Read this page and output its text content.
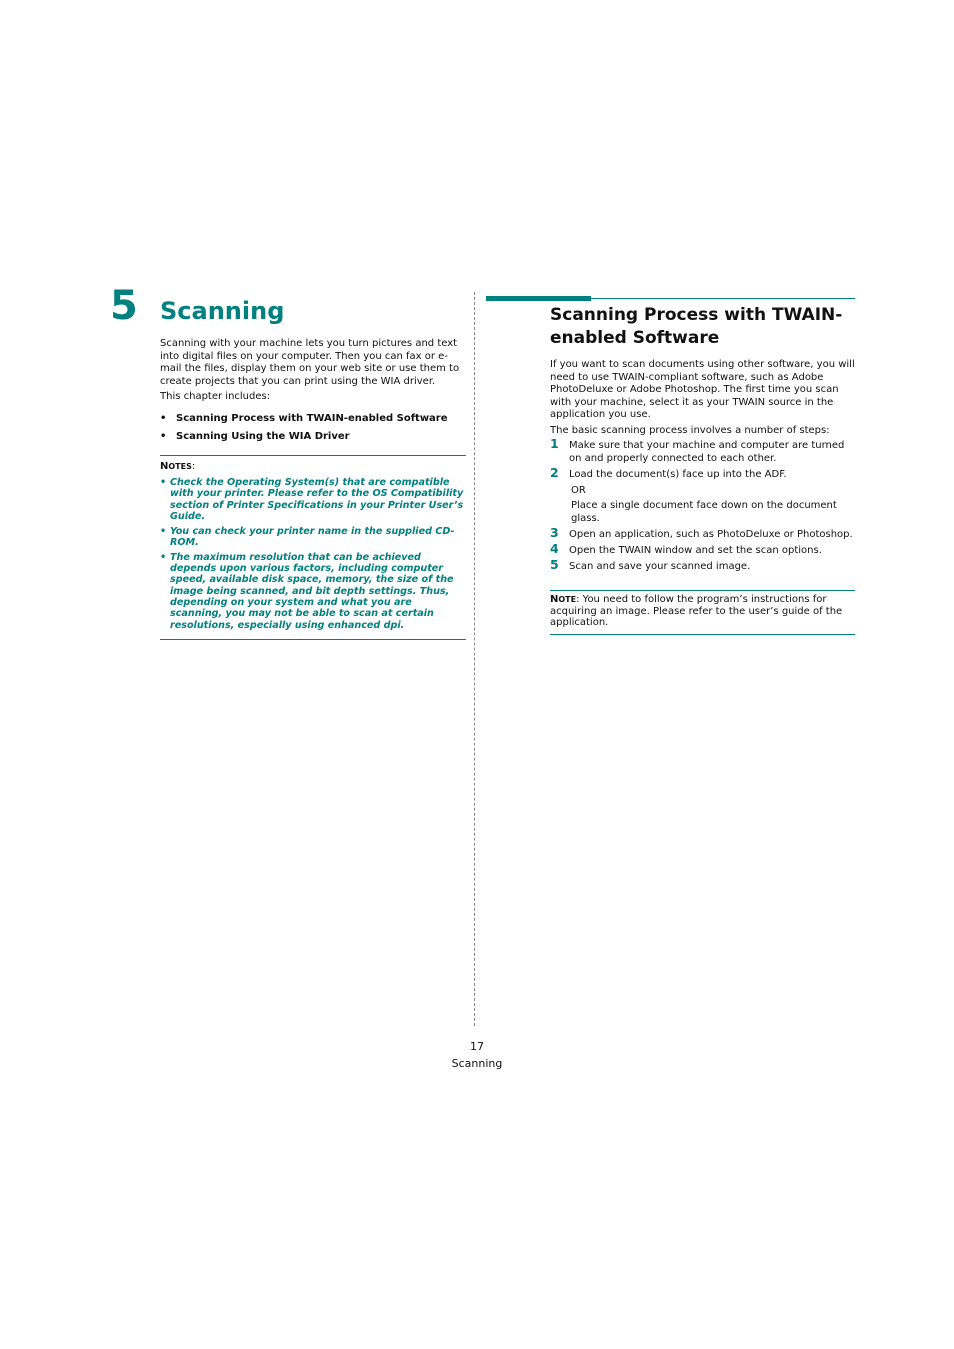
5 Scanning

Scanning with your machine lets you turn pictures and text into digital files on your computer. Then you can fax or e-mail the files, display them on your web site or use them to create projects that you can print using the WIA driver.

This chapter includes:

• Scanning Process with TWAIN-enabled Software
• Scanning Using the WIA Driver
NOTES:
• Check the Operating System(s) that are compatible with your printer. Please refer to the OS Compatibility section of Printer Specifications in your Printer User’s Guide.
• You can check your printer name in the supplied CD-ROM.
• The maximum resolution that can be achieved depends upon various factors, including computer speed, available disk space, memory, the size of the image being scanned, and bit depth settings. Thus, depending on your system and what you are scanning, you may not be able to scan at certain resolutions, especially using enhanced dpi.
Scanning Process with TWAIN-enabled Software

If you want to scan documents using other software, you will need to use TWAIN-compliant software, such as Adobe PhotoDeluxe or Adobe Photoshop. The first time you scan with your machine, select it as your TWAIN source in the application you use.

The basic scanning process involves a number of steps:

1 Make sure that your machine and computer are turned on and properly connected to each other.
2 Load the document(s) face up into the ADF.

OR

Place a single document face down on the document glass.

3 Open an application, such as PhotoDeluxe or Photoshop.
4 Open the TWAIN window and set the scan options.
5 Scan and save your scanned image.
NOTE: You need to follow the program’s instructions for acquiring an image. Please refer to the user’s guide of the application.
17
Scanning
